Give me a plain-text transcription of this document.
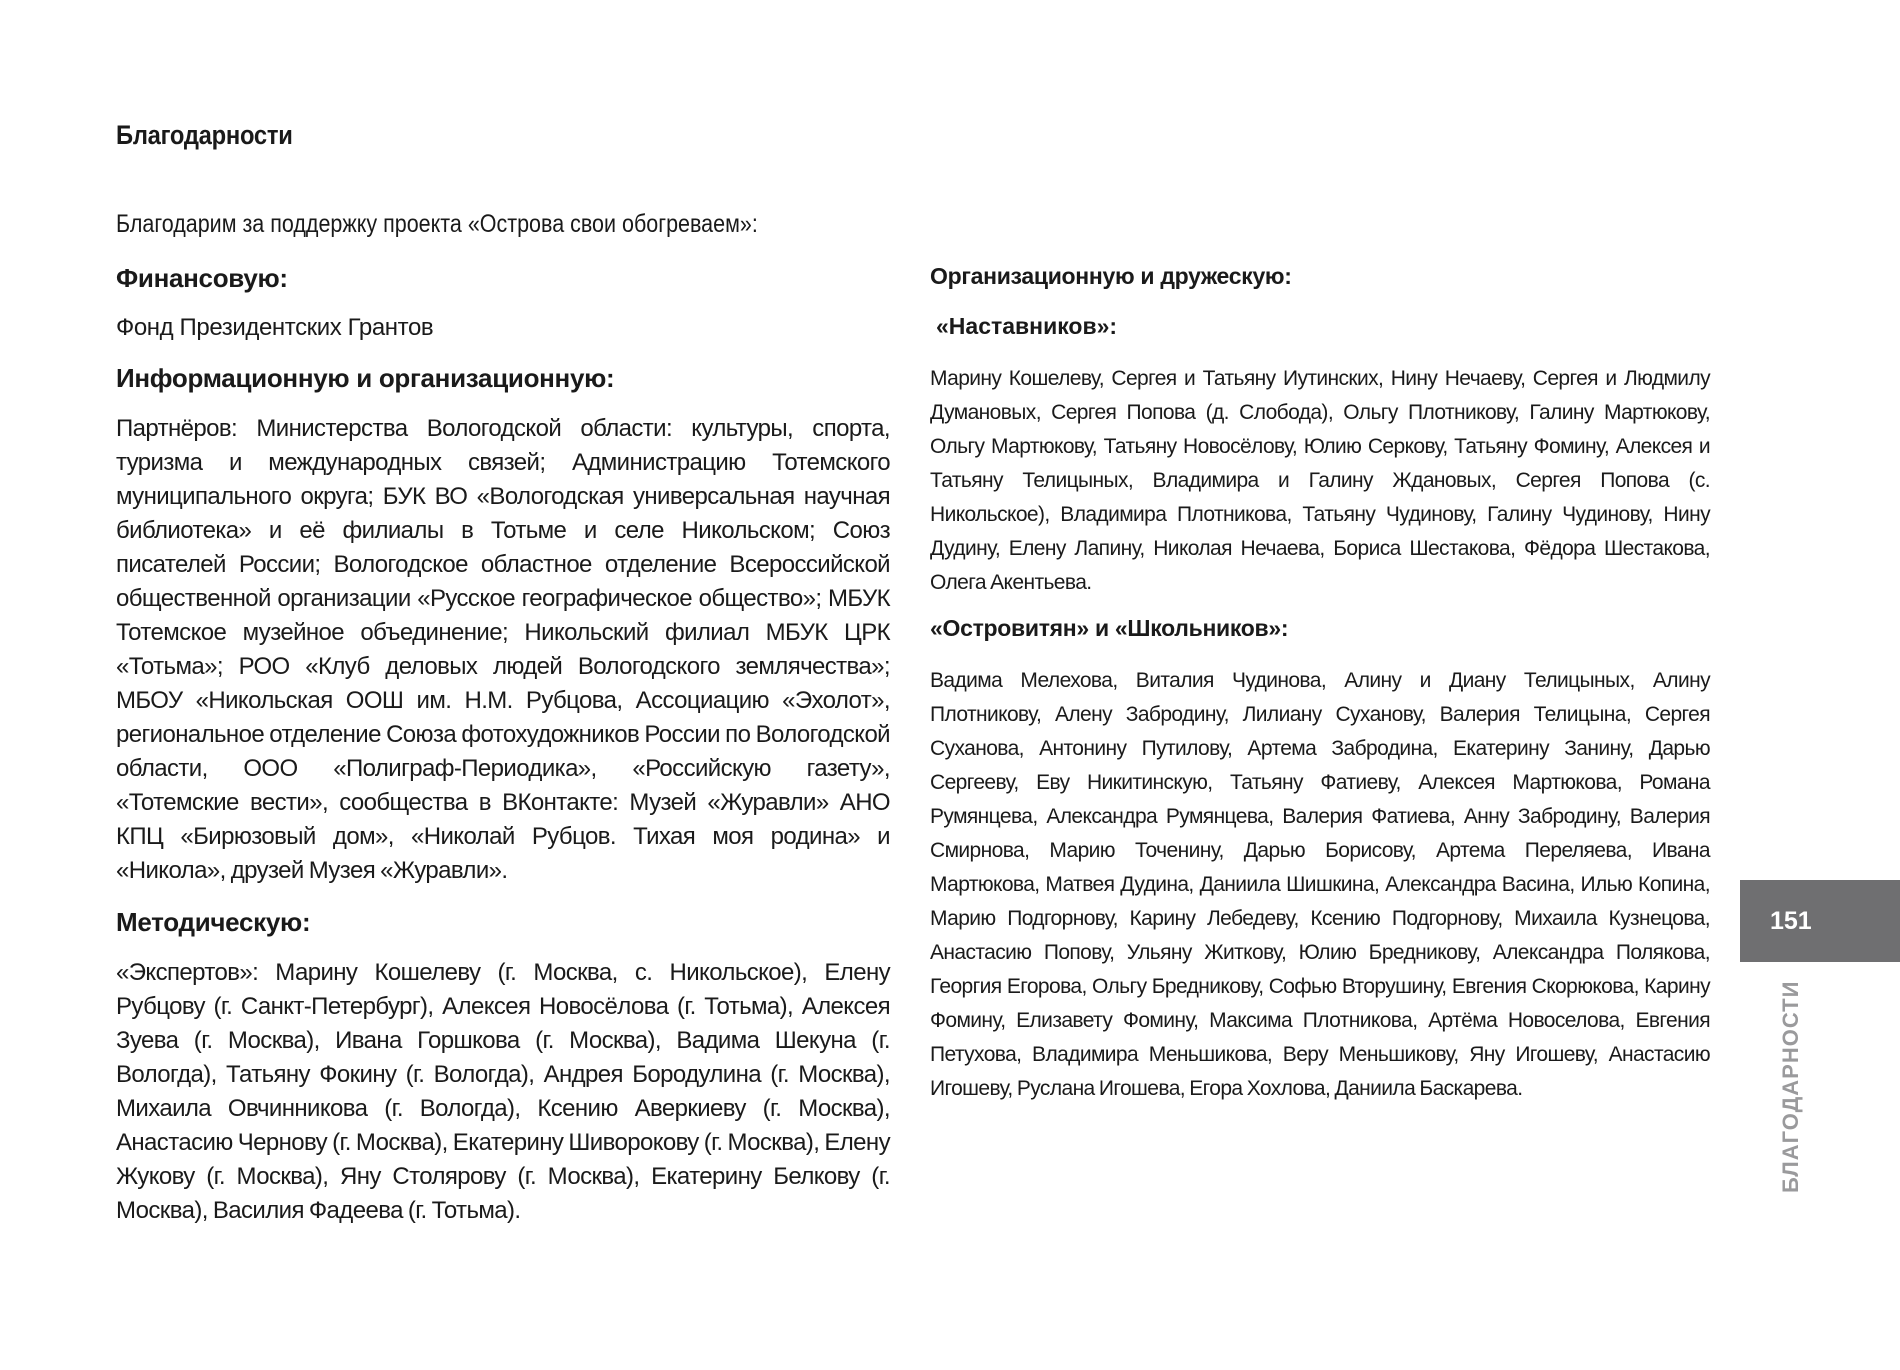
Благодарности
Благодарим за поддержку проекта «Острова свои обогреваем»:
Финансовую:

Фонд Президентских Грантов

Информационную и организационную:

Партнёров: Министерства Вологодской области: культуры, спорта, туризма и международных связей; Администрацию Тотемского муниципального округа; БУК ВО «Вологодская универсальная научная библиотека» и её филиалы в Тотьме и селе Никольском; Союз писателей России; Вологодское областное отделение Всероссийской общественной организации «Русское географическое общество»; МБУК Тотемское музейное объединение; Никольский филиал МБУК ЦРК «Тотьма»; РОО «Клуб деловых людей Вологодского землячества»; МБОУ «Никольская ООШ им. Н.М. Рубцова, Ассоциацию «Эхолот», региональное отделение Союза фотохудожников России по Вологодской области, ООО «Полиграф-Периодика», «Российскую газету», «Тотемские вести», сообщества в ВКонтакте: Музей «Журавли» АНО КПЦ «Бирюзовый дом», «Николай Рубцов. Тихая моя родина» и «Никола», друзей Музея «Журавли».

Методическую:

«Экспертов»: Марину Кошелеву (г. Москва, с. Никольское), Елену Рубцову (г. Санкт-Петербург), Алексея Новосёлова (г. Тотьма), Алексея Зуева (г. Москва), Ивана Горшкова (г. Москва), Вадима Шекуна (г. Вологда), Татьяну Фокину (г. Вологда), Андрея Бородулина (г. Москва), Михаила Овчинникова (г. Вологда), Ксению Аверкиеву (г. Москва), Анастасию Чернову (г. Москва), Екатерину Шиворокову (г. Москва), Елену Жукову (г. Москва), Яну Столярову (г. Москва), Екатерину Белкову (г. Москва), Василия Фадеева (г. Тотьма).

Организационную и дружескую:
«Наставников»:

Марину Кошелеву, Сергея и Татьяну Иутинских, Нину Нечаеву, Сергея и Людмилу Думановых, Сергея Попова (д. Слобода), Ольгу Плотникову, Галину Мартюкову, Ольгу Мартюкову, Татьяну Новосёлову, Юлию Серкову, Татьяну Фомину, Алексея и Татьяну Телицыных, Владимира и Галину Ждановых, Сергея Попова (с. Никольское), Владимира Плотникова, Татьяну Чудинову, Галину Чудинову, Нину Дудину, Елену Лапину, Николая Нечаева, Бориса Шестакова, Фёдора Шестакова, Олега Акентьева.

«Островитян» и «Школьников»:

Вадима Мелехова, Виталия Чудинова, Алину и Диану Телицыных, Алину Плотникову, Алену Забродину, Лилиану Суханову, Валерия Телицына, Сергея Суханова, Антонину Путилову, Артема Забродина, Екатерину Занину, Дарью Сергееву, Еву Никитинскую, Татьяну Фатиеву, Алексея Мартюкова, Романа Румянцева, Александра Румянцева, Валерия Фатиева, Анну Забродину, Валерия Смирнова, Марию Точенину, Дарью Борисову, Артема Переляева, Ивана Мартюкова, Матвея Дудина, Даниила Шишкина, Александра Васина, Илью Копина, Марию Подгорнову, Карину Лебедеву, Ксению Подгорнову, Михаила Кузнецова, Анастасию Попову, Ульяну Житкову, Юлию Бредникову, Александра Полякова, Георгия Егорова, Ольгу Бредникову, Софью Вторушину, Евгения Скорюкова, Карину Фомину, Елизавету Фомину, Максима Плотникова, Артёма Новоселова, Евгения Петухова, Владимира Меньшикова, Веру Меньшикову, Яну Игошеву, Анастасию Игошеву, Руслана Игошева, Егора Хохлова, Даниила Баскарева.

151
БЛАГОДАРНОСТИ
